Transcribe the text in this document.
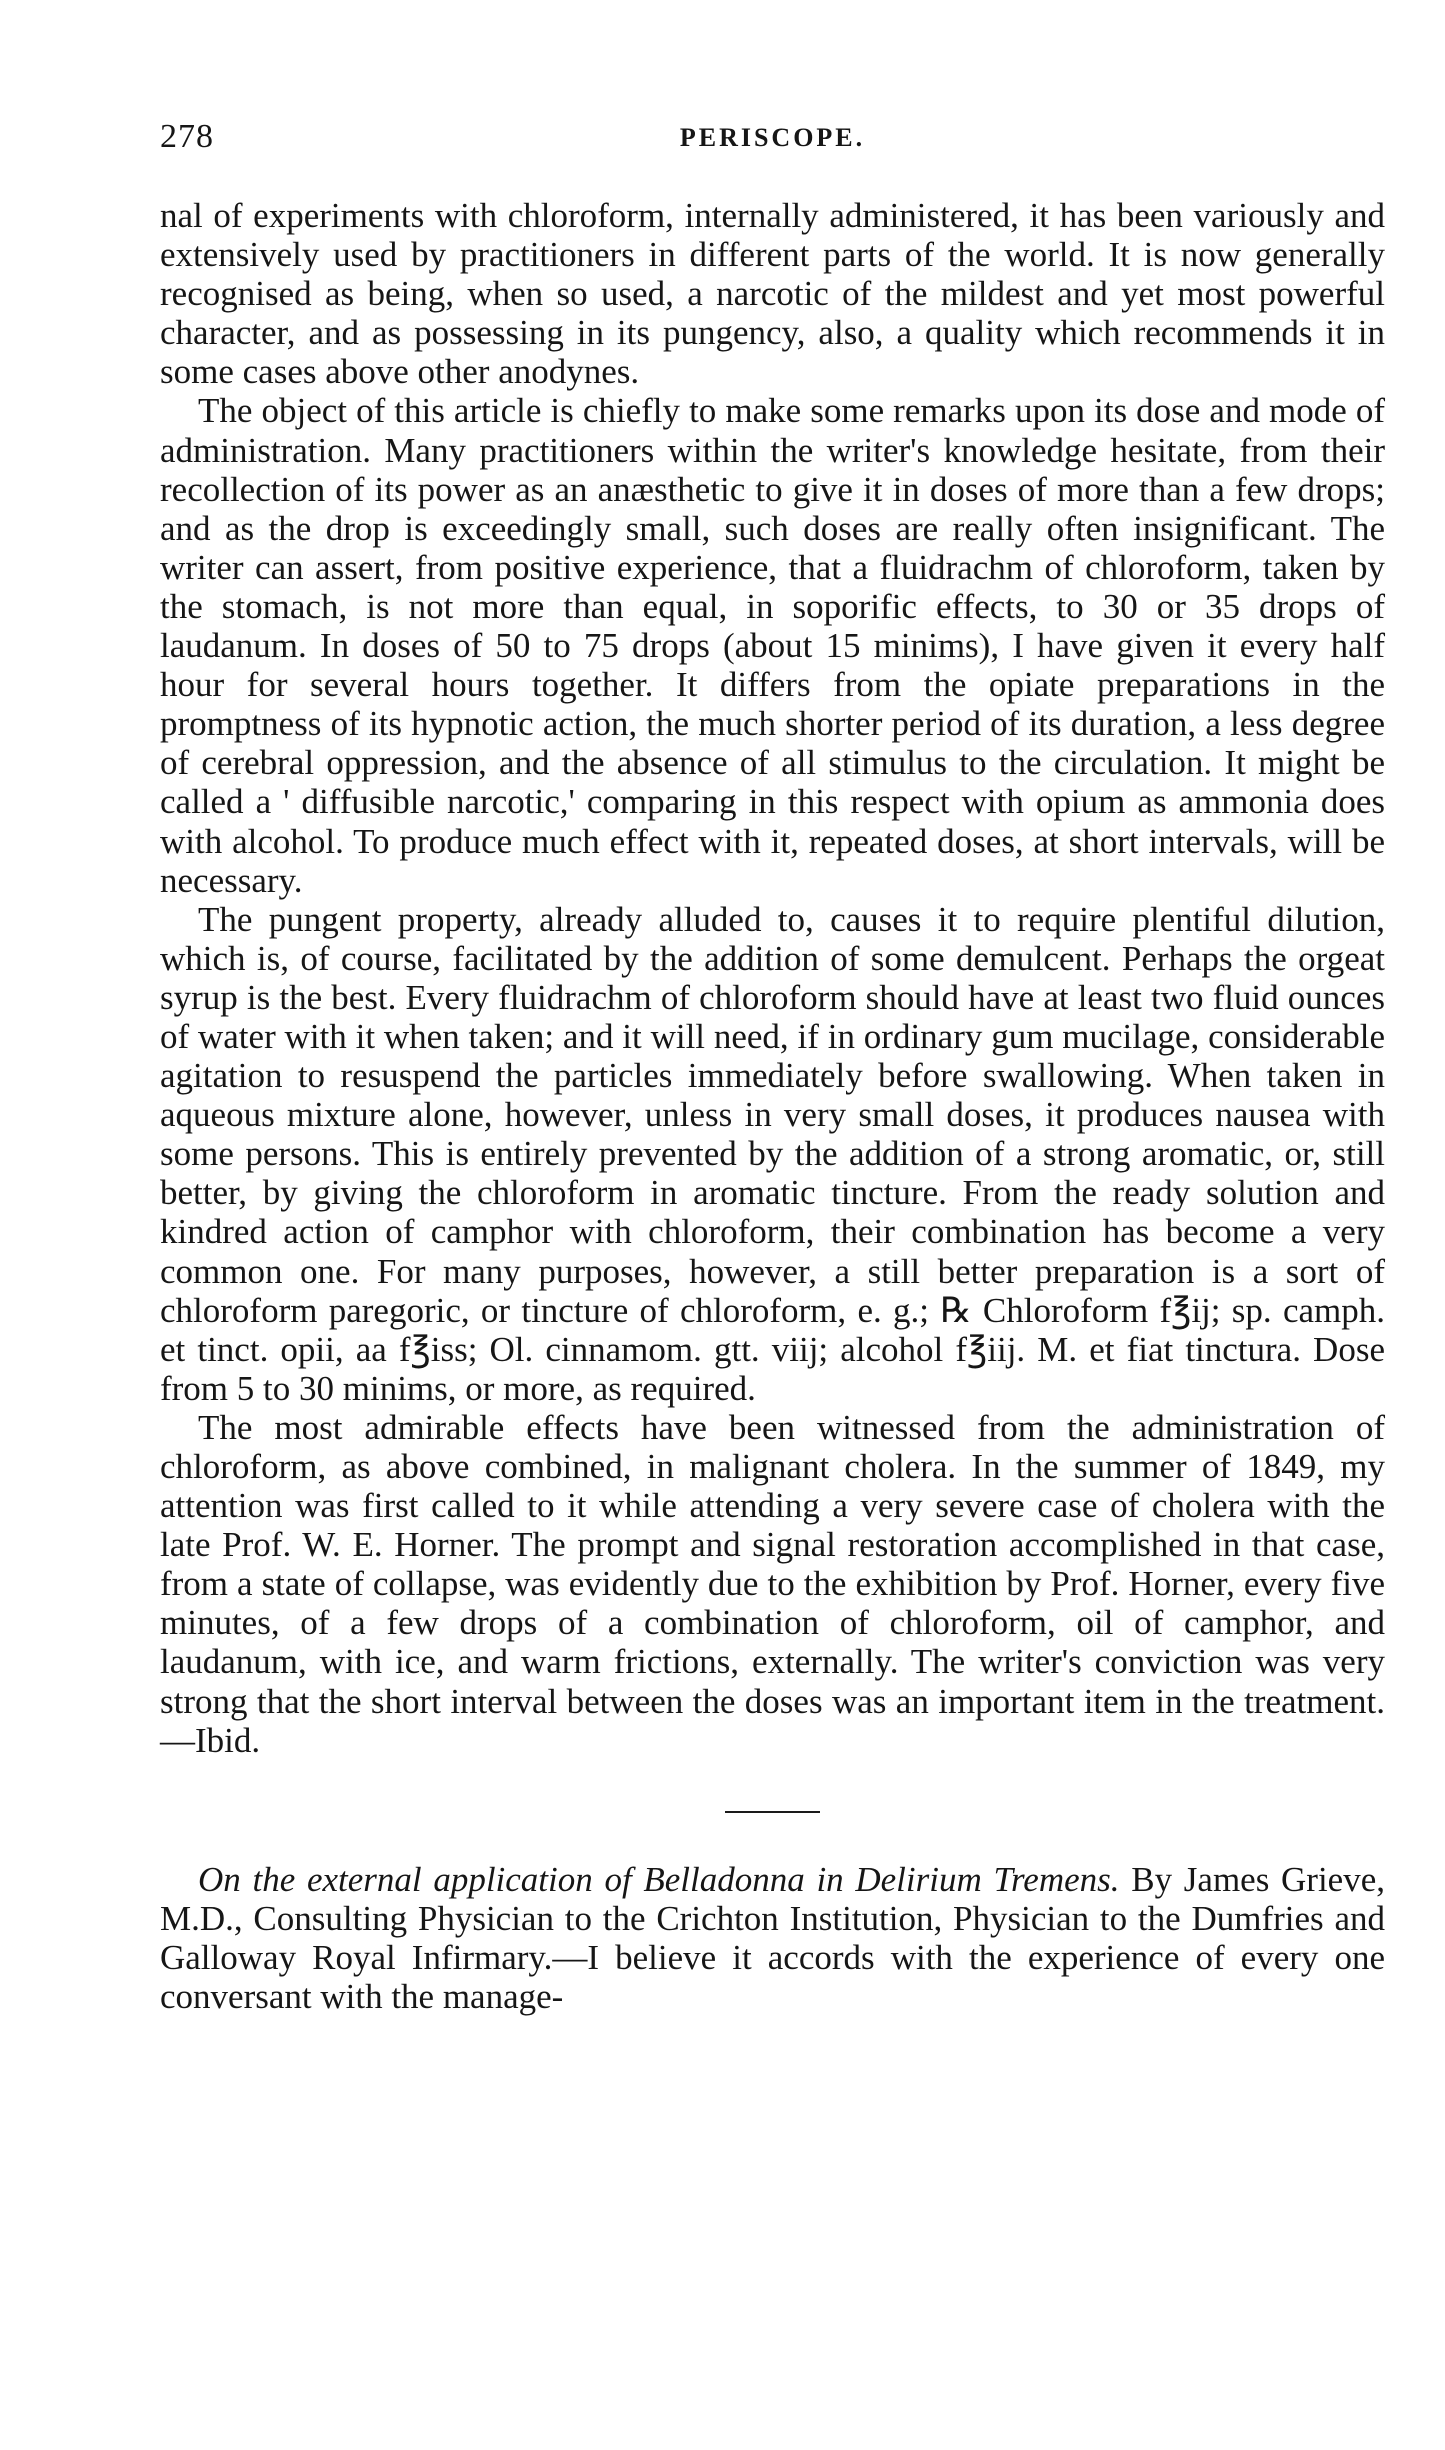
278	PERISCOPE.

nal of experiments with chloroform, internally administered, it has been variously and extensively used by practitioners in different parts of the world. It is now generally recognised as being, when so used, a narcotic of the mildest and yet most powerful character, and as possessing in its pungency, also, a quality which recommends it in some cases above other anodynes.

The object of this article is chiefly to make some remarks upon its dose and mode of administration. Many practitioners within the writer's knowledge hesitate, from their recollection of its power as an anæsthetic to give it in doses of more than a few drops; and as the drop is exceedingly small, such doses are really often insignificant. The writer can assert, from positive experience, that a fluidrachm of chloroform, taken by the stomach, is not more than equal, in soporific effects, to 30 or 35 drops of laudanum. In doses of 50 to 75 drops (about 15 minims), I have given it every half hour for several hours together. It differs from the opiate preparations in the promptness of its hypnotic action, the much shorter period of its duration, a less degree of cerebral oppression, and the absence of all stimulus to the circulation. It might be called a ' diffusible narcotic,' comparing in this respect with opium as ammonia does with alcohol. To produce much effect with it, repeated doses, at short intervals, will be necessary.

The pungent property, already alluded to, causes it to require plentiful dilution, which is, of course, facilitated by the addition of some demulcent. Perhaps the orgeat syrup is the best. Every fluidrachm of chloroform should have at least two fluid ounces of water with it when taken; and it will need, if in ordinary gum mucilage, considerable agitation to resuspend the particles immediately before swallowing. When taken in aqueous mixture alone, however, unless in very small doses, it produces nausea with some persons. This is entirely prevented by the addition of a strong aromatic, or, still better, by giving the chloroform in aromatic tincture. From the ready solution and kindred action of camphor with chloroform, their combination has become a very common one. For many purposes, however, a still better preparation is a sort of chloroform paregoric, or tincture of chloroform, e. g.; ℞ Chloroform f℥ij; sp. camph. et tinct. opii, aa f℥iss; Ol. cinnamom. gtt. viij; alcohol f℥iij. M. et fiat tinctura. Dose from 5 to 30 minims, or more, as required.

The most admirable effects have been witnessed from the administration of chloroform, as above combined, in malignant cholera. In the summer of 1849, my attention was first called to it while attending a very severe case of cholera with the late Prof. W. E. Horner. The prompt and signal restoration accomplished in that case, from a state of collapse, was evidently due to the exhibition by Prof. Horner, every five minutes, of a few drops of a combination of chloroform, oil of camphor, and laudanum, with ice, and warm frictions, externally. The writer's conviction was very strong that the short interval between the doses was an important item in the treatment.—Ibid.

On the external application of Belladonna in Delirium Tremens. By James Grieve, M.D., Consulting Physician to the Crichton Institution, Physician to the Dumfries and Galloway Royal Infirmary.—I believe it accords with the experience of every one conversant with the manage-
